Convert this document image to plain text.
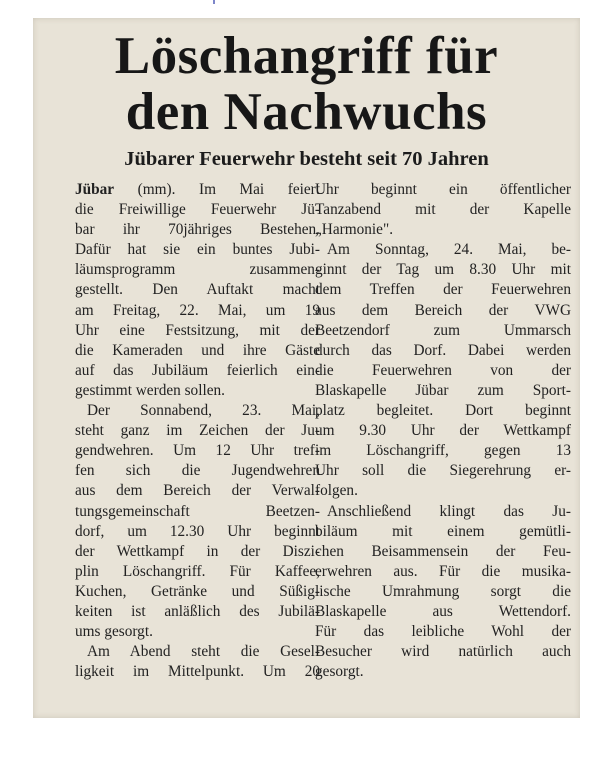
Löschangriff für
den Nachwuchs
Jübarer Feuerwehr besteht seit 70 Jahren
Jübar (mm). Im Mai feiert
die Freiwillige Feuerwehr Jü-
bar ihr 70jähriges Bestehen.
Dafür hat sie ein buntes Jubi-
läumsprogramm zusammen-
gestellt. Den Auftakt macht
am Freitag, 22. Mai, um 19
Uhr eine Festsitzung, mit der
die Kameraden und ihre Gäste
auf das Jubiläum feierlich ein-
gestimmt werden sollen.
Der Sonnabend, 23. Mai,
steht ganz im Zeichen der Ju-
gendwehren. Um 12 Uhr tref-
fen sich die Jugendwehren
aus dem Bereich der Verwal-
tungsgemeinschaft Beetzen-
dorf, um 12.30 Uhr beginnt
der Wettkampf in der Diszi-
plin Löschangriff. Für Kaffee,
Kuchen, Getränke und Süßig-
keiten ist anläßlich des Jubilä-
ums gesorgt.
Am Abend steht die Gesel-
ligkeit im Mittelpunkt. Um 20
Uhr beginnt ein öffentlicher
Tanzabend mit der Kapelle
„Harmonie".
Am Sonntag, 24. Mai, be-
ginnt der Tag um 8.30 Uhr mit
dem Treffen der Feuerwehren
aus dem Bereich der VWG
Beetzendorf zum Ummarsch
durch das Dorf. Dabei werden
die Feuerwehren von der
Blaskapelle Jübar zum Sport-
platz begleitet. Dort beginnt
um 9.30 Uhr der Wettkampf
im Löschangriff, gegen 13
Uhr soll die Siegerehrung er-
folgen.
Anschließend klingt das Ju-
biläum mit einem gemütli-
chen Beisammensein der Feu-
erwehren aus. Für die musika-
lische Umrahmung sorgt die
Blaskapelle aus Wettendorf.
Für das leibliche Wohl der
Besucher wird natürlich auch
gesorgt.
